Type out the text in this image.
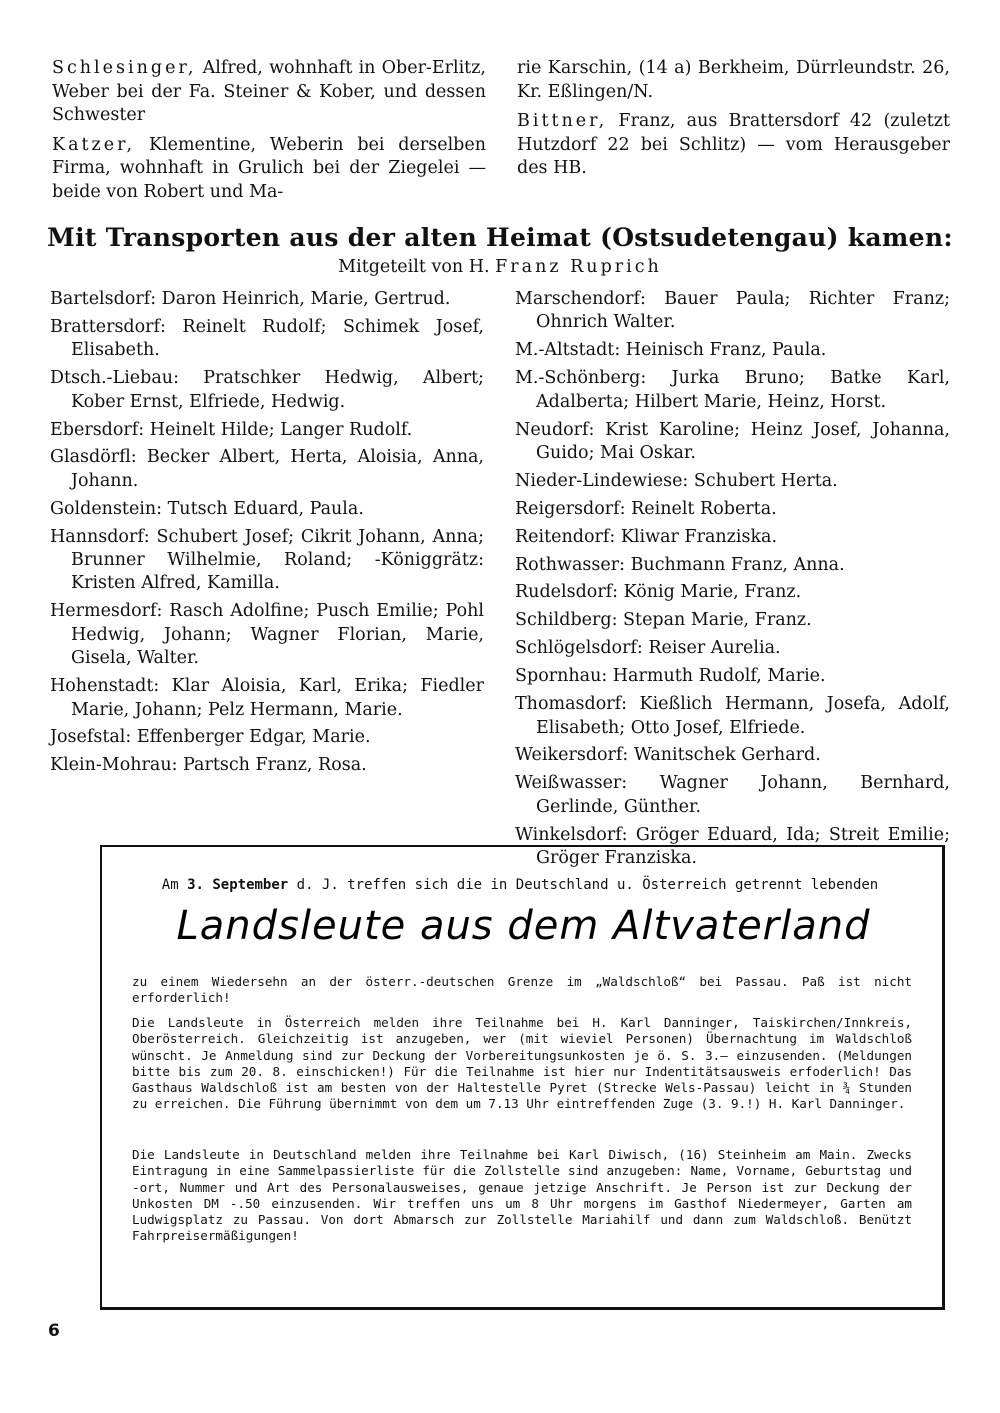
Schlesinger, Alfred, wohnhaft in Ober-Erlitz, Weber bei der Fa. Steiner & Kober, und dessen Schwester

Katzer, Klementine, Weberin bei derselben Firma, wohnhaft in Grulich bei der Ziegelei — beide von Robert und Ma-

rie Karschin, (14 a) Berkheim, Dürrleundstr. 26, Kr. Eßlingen/N.

Bittner, Franz, aus Brattersdorf 42 (zuletzt Hutzdorf 22 bei Schlitz) — vom Herausgeber des HB.

Mit Transporten aus der alten Heimat (Ostsudetengau) kamen:
Mitgeteilt von H. Franz Ruprich
Bartelsdorf: Daron Heinrich, Marie, Gertrud.
Brattersdorf: Reinelt Rudolf; Schimek Josef, Elisabeth.
Dtsch.-Liebau: Pratschker Hedwig, Albert; Kober Ernst, Elfriede, Hedwig.
Ebersdorf: Heinelt Hilde; Langer Rudolf.
Glasdörfl: Becker Albert, Herta, Aloisia, Anna, Johann.
Goldenstein: Tutsch Eduard, Paula.
Hannsdorf: Schubert Josef; Cikrit Johann, Anna; Brunner Wilhelmie, Roland; -Königgrätz: Kristen Alfred, Kamilla.
Hermesdorf: Rasch Adolfine; Pusch Emilie; Pohl Hedwig, Johann; Wagner Florian, Marie, Gisela, Walter.
Hohenstadt: Klar Aloisia, Karl, Erika; Fiedler Marie, Johann; Pelz Hermann, Marie.
Josefstal: Effenberger Edgar, Marie.
Klein-Mohrau: Partsch Franz, Rosa.
Marschendorf: Bauer Paula; Richter Franz; Ohnrich Walter.
M.-Altstadt: Heinisch Franz, Paula.
M.-Schönberg: Jurka Bruno; Batke Karl, Adalberta; Hilbert Marie, Heinz, Horst.
Neudorf: Krist Karoline; Heinz Josef, Johanna, Guido; Mai Oskar.
Nieder-Lindewiese: Schubert Herta.
Reigersdorf: Reinelt Roberta.
Reitendorf: Kliwar Franziska.
Rothwasser: Buchmann Franz, Anna.
Rudelsdorf: König Marie, Franz.
Schildberg: Stepan Marie, Franz.
Schlögelsdorf: Reiser Aurelia.
Spornhau: Harmuth Rudolf, Marie.
Thomasdorf: Kießlich Hermann, Josefa, Adolf, Elisabeth; Otto Josef, Elfriede.
Weikersdorf: Wanitschek Gerhard.
Weißwasser: Wagner Johann, Bernhard, Gerlinde, Günther.
Winkelsdorf: Gröger Eduard, Ida; Streit Emilie; Gröger Franziska.
Am 3. September d. J. treffen sich die in Deutschland u. Österreich getrennt lebenden
Landsleute aus dem Altvaterland

zu einem Wiedersehn an der österr.-deutschen Grenze im „Waldschloß“ bei Passau. Paß ist nicht erforderlich!

Die Landsleute in Österreich melden ihre Teilnahme bei H. Karl Danninger, Taiskirchen/Innkreis, Oberösterreich. Gleichzeitig ist anzugeben, wer (mit wieviel Personen) Übernachtung im Waldschloß wünscht. Je Anmeldung sind zur Deckung der Vorbereitungsunkosten je ö. S. 3.— einzusenden. (Meldungen bitte bis zum 20. 8. einschicken!) Für die Teilnahme ist hier nur Indentitätsausweis erfoderlich! Das Gasthaus Waldschloß ist am besten von der Haltestelle Pyret (Strecke Wels-Passau) leicht in ¾ Stunden zu erreichen. Die Führung übernimmt von dem um 7.13 Uhr eintreffenden Zuge (3. 9.!) H. Karl Danninger.

Die Landsleute in Deutschland melden ihre Teilnahme bei Karl Diwisch, (16) Steinheim am Main. Zwecks Eintragung in eine Sammelpassierliste für die Zollstelle sind anzugeben: Name, Vorname, Geburtstag und -ort, Nummer und Art des Personalausweises, genaue jetzige Anschrift. Je Person ist zur Deckung der Unkosten DM -.50 einzusenden. Wir treffen uns um 8 Uhr morgens im Gasthof Niedermeyer, Garten am Ludwigsplatz zu Passau. Von dort Abmarsch zur Zollstelle Mariahilf und dann zum Waldschloß. Benützt Fahrpreisermäßigungen!

6
